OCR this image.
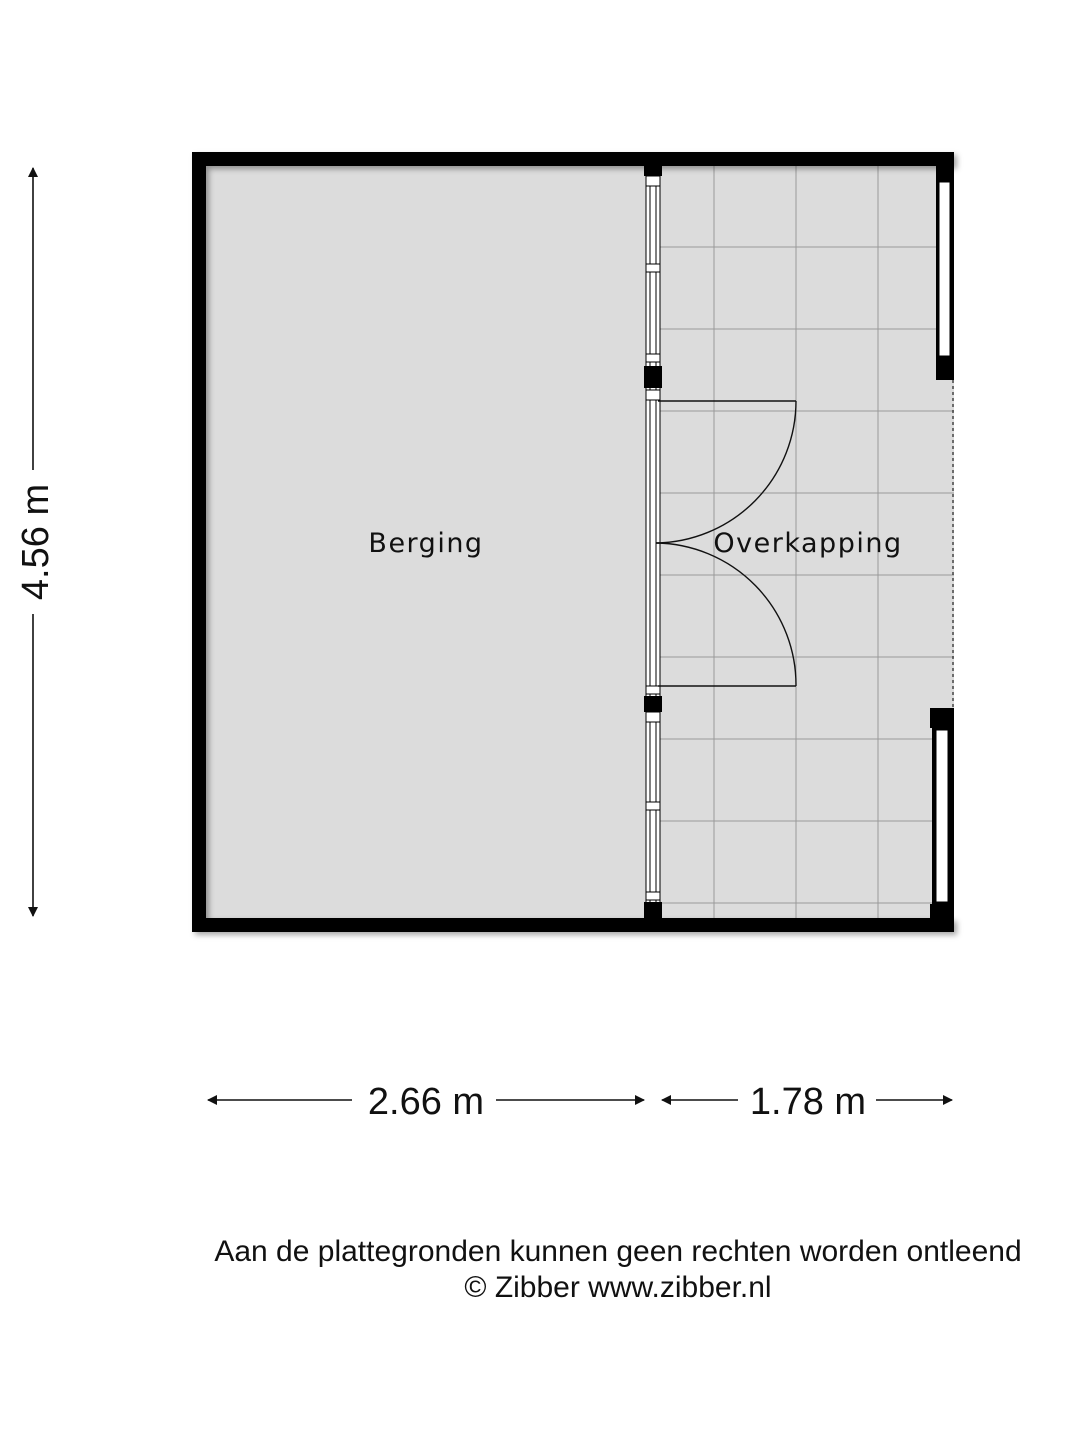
Berging	Overkapping
4.56 m
2.66 m	1.78 m
Aan de plattegronden kunnen geen rechten worden ontleend
© Zibber www.zibber.nl
